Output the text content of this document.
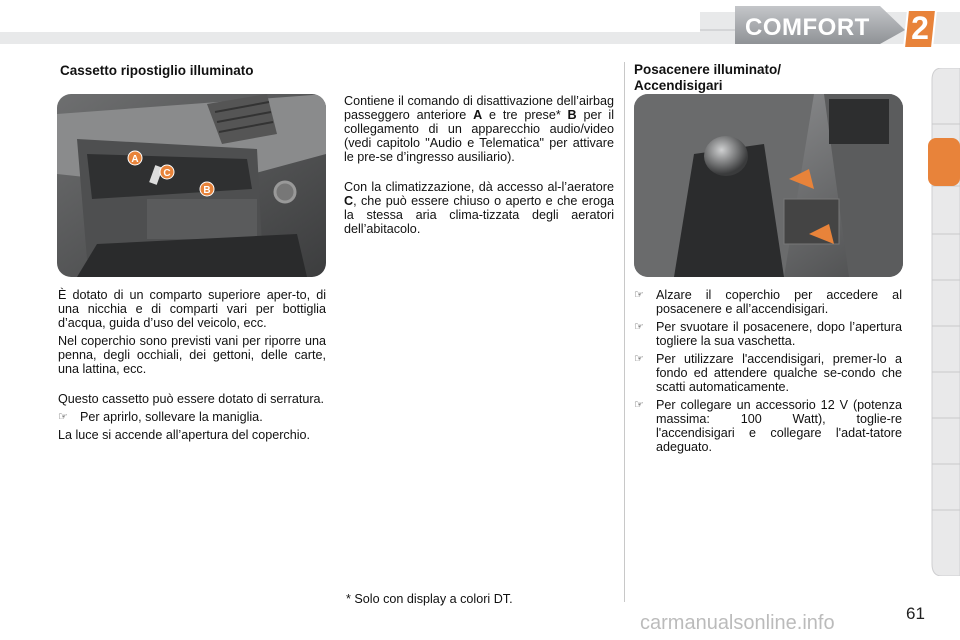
COMFORT 2
Cassetto ripostiglio illuminato
A
C
B

È dotato di un comparto superiore aper-to, di una nicchia e di comparti vari per bottiglia d’acqua, guida d’uso del veicolo, ecc.

Nel coperchio sono previsti vani per riporre una penna, degli occhiali, dei gettoni, delle carte, una lattina, ecc.

Questo cassetto può essere dotato di serratura.

☞ Per aprirlo, sollevare la maniglia.

La luce si accende all’apertura del coperchio.

Contiene il comando di disattivazione dell’airbag passeggero anteriore A e tre prese* B per il collegamento di un apparecchio audio/video (vedi capitolo "Audio e Telematica" per attivare le pre-se d’ingresso ausiliario).

Con la climatizzazione, dà accesso al-l’aeratore C, che può essere chiuso o aperto e che eroga la stessa aria clima-tizzata degli aeratori dell’abitacolo.

* Solo con display a colori DT.
Posacenere illuminato/
Accendisigari
☞ Alzare il coperchio per accedere al posacenere e all’accendisigari.
☞ Per svuotare il posacenere, dopo l’apertura togliere la sua vaschetta.
☞ Per utilizzare l'accendisigari, premer-lo a fondo ed attendere qualche se-condo che scatti automaticamente.
☞ Per collegare un accessorio 12 V (potenza massima: 100 Watt), toglie-re l'accendisigari e collegare l'adat-tatore adeguato.
61
carmanualsonline.info
